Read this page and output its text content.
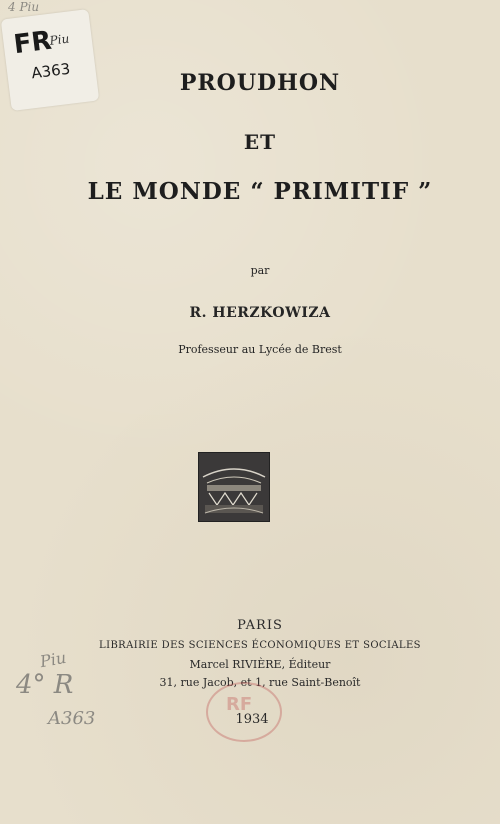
4 Piu
FR
Piu
A363	PROUDHON
ET
LE MONDE “ PRIMITIF ”
par
R. HERZKOWIZA
Professeur au Lycée de Brest
PARIS
LIBRAIRIE DES SCIENCES ÉCONOMIQUES ET SOCIALES
Marcel RIVIÈRE, Éditeur
31, rue Jacob, et 1, rue Saint-Benoît
RF
1934
Piu
4° R
A363
